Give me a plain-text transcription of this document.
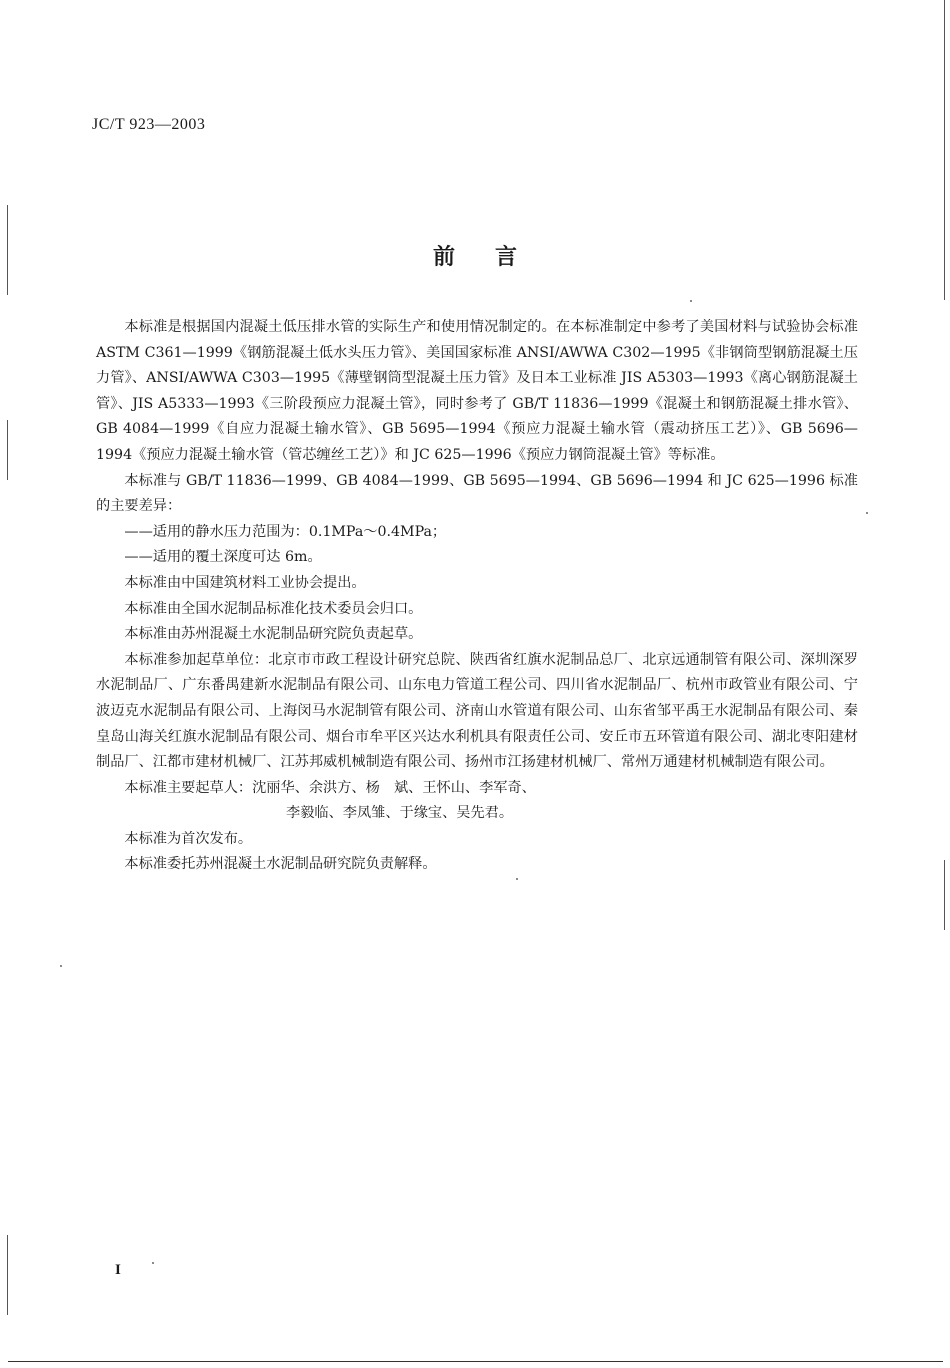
JC/T 923—2003
前言

本标准是根据国内混凝土低压排水管的实际生产和使用情况制定的。在本标准制定中参考了美国材料与试验协会标准 ASTM C361—1999《钢筋混凝土低水头压力管》、美国国家标准 ANSI/AWWA C302—1995《非钢筒型钢筋混凝土压力管》、ANSI/AWWA C303—1995《薄壁钢筒型混凝土压力管》及日本工业标准 JIS A5303—1993《离心钢筋混凝土管》、JIS A5333—1993《三阶段预应力混凝土管》，同时参考了 GB/T 11836—1999《混凝土和钢筋混凝土排水管》、GB 4084—1999《自应力混凝土输水管》、GB 5695—1994《预应力混凝土输水管（震动挤压工艺）》、GB 5696—1994《预应力混凝土输水管（管芯缠丝工艺）》和 JC 625—1996《预应力钢筒混凝土管》等标准。

本标准与 GB/T 11836—1999、GB 4084—1999、GB 5695—1994、GB 5696—1994 和 JC 625—1996 标准的主要差异：

——适用的静水压力范围为：0.1MPa～0.4MPa；

——适用的覆土深度可达 6m。

本标准由中国建筑材料工业协会提出。

本标准由全国水泥制品标准化技术委员会归口。

本标准由苏州混凝土水泥制品研究院负责起草。

本标准参加起草单位：北京市市政工程设计研究总院、陕西省红旗水泥制品总厂、北京远通制管有限公司、深圳深罗水泥制品厂、广东番禺建新水泥制品有限公司、山东电力管道工程公司、四川省水泥制品厂、杭州市政管业有限公司、宁波迈克水泥制品有限公司、上海闵马水泥制管有限公司、济南山水管道有限公司、山东省邹平禹王水泥制品有限公司、秦皇岛山海关红旗水泥制品有限公司、烟台市牟平区兴达水利机具有限责任公司、安丘市五环管道有限公司、湖北枣阳建材制品厂、江都市建材机械厂、江苏邦威机械制造有限公司、扬州市江扬建材机械厂、常州万通建材机械制造有限公司。

本标准主要起草人：沈丽华、余洪方、杨　斌、王怀山、李军奇、

李毅临、李凤雏、于缘宝、吴先君。

本标准为首次发布。

本标准委托苏州混凝土水泥制品研究院负责解释。

I
